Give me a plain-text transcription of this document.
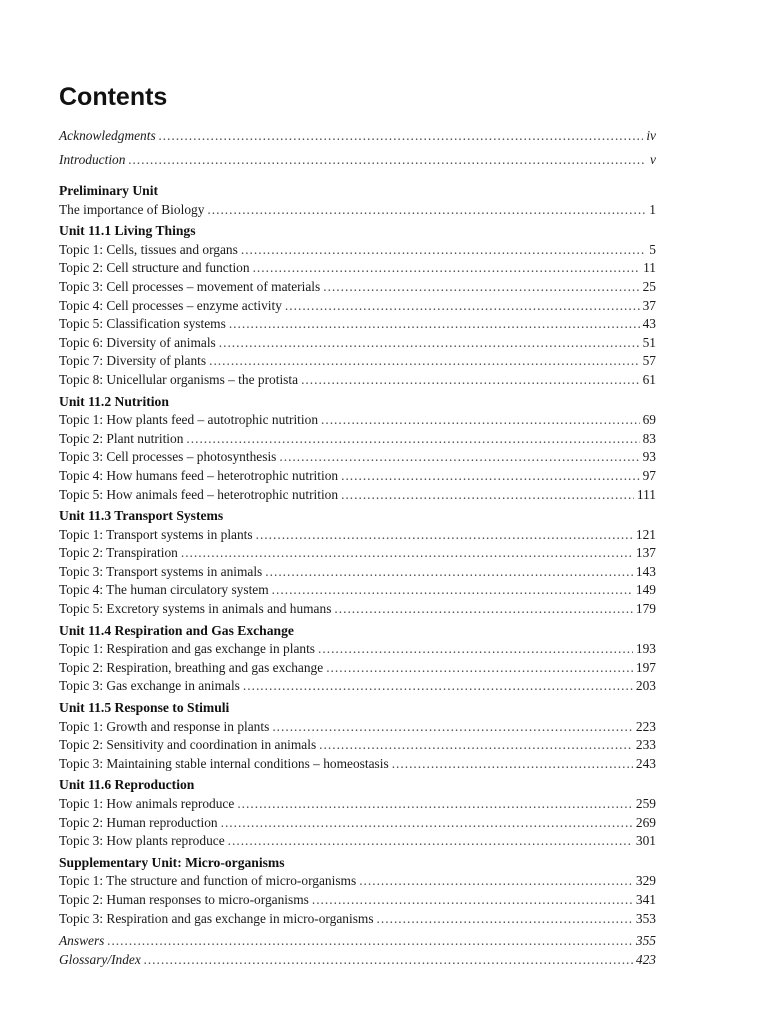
Contents
Acknowledgments .....	iv
Introduction .....	v
Preliminary Unit
The importance of Biology .....	1
Unit 11.1 Living Things
Topic 1: Cells, tissues and organs .....	5
Topic 2: Cell structure and function .....	11
Topic 3: Cell processes – movement of materials .....	25
Topic 4: Cell processes – enzyme activity .....	37
Topic 5: Classification systems .....	43
Topic 6: Diversity of animals .....	51
Topic 7: Diversity of plants .....	57
Topic 8: Unicellular organisms – the protista .....	61
Unit 11.2 Nutrition
Topic 1: How plants feed – autotrophic nutrition .....	69
Topic 2: Plant nutrition .....	83
Topic 3: Cell processes – photosynthesis .....	93
Topic 4: How humans feed – heterotrophic nutrition .....	97
Topic 5: How animals feed – heterotrophic nutrition .....	111
Unit 11.3 Transport Systems
Topic 1: Transport systems in plants .....	121
Topic 2: Transpiration .....	137
Topic 3: Transport systems in animals .....	143
Topic 4: The human circulatory system .....	149
Topic 5: Excretory systems in animals and humans .....	179
Unit 11.4 Respiration and Gas Exchange
Topic 1: Respiration and gas exchange in plants .....	193
Topic 2: Respiration, breathing and gas exchange .....	197
Topic 3: Gas exchange in animals .....	203
Unit 11.5 Response to Stimuli
Topic 1: Growth and response in plants .....	223
Topic 2: Sensitivity and coordination in animals .....	233
Topic 3: Maintaining stable internal conditions – homeostasis .....	243
Unit 11.6 Reproduction
Topic 1: How animals reproduce .....	259
Topic 2: Human reproduction .....	269
Topic 3: How plants reproduce .....	301
Supplementary Unit: Micro-organisms
Topic 1: The structure and function of micro-organisms .....	329
Topic 2: Human responses to micro-organisms .....	341
Topic 3: Respiration and gas exchange in micro-organisms .....	353
Answers .....	355
Glossary/Index .....	423
